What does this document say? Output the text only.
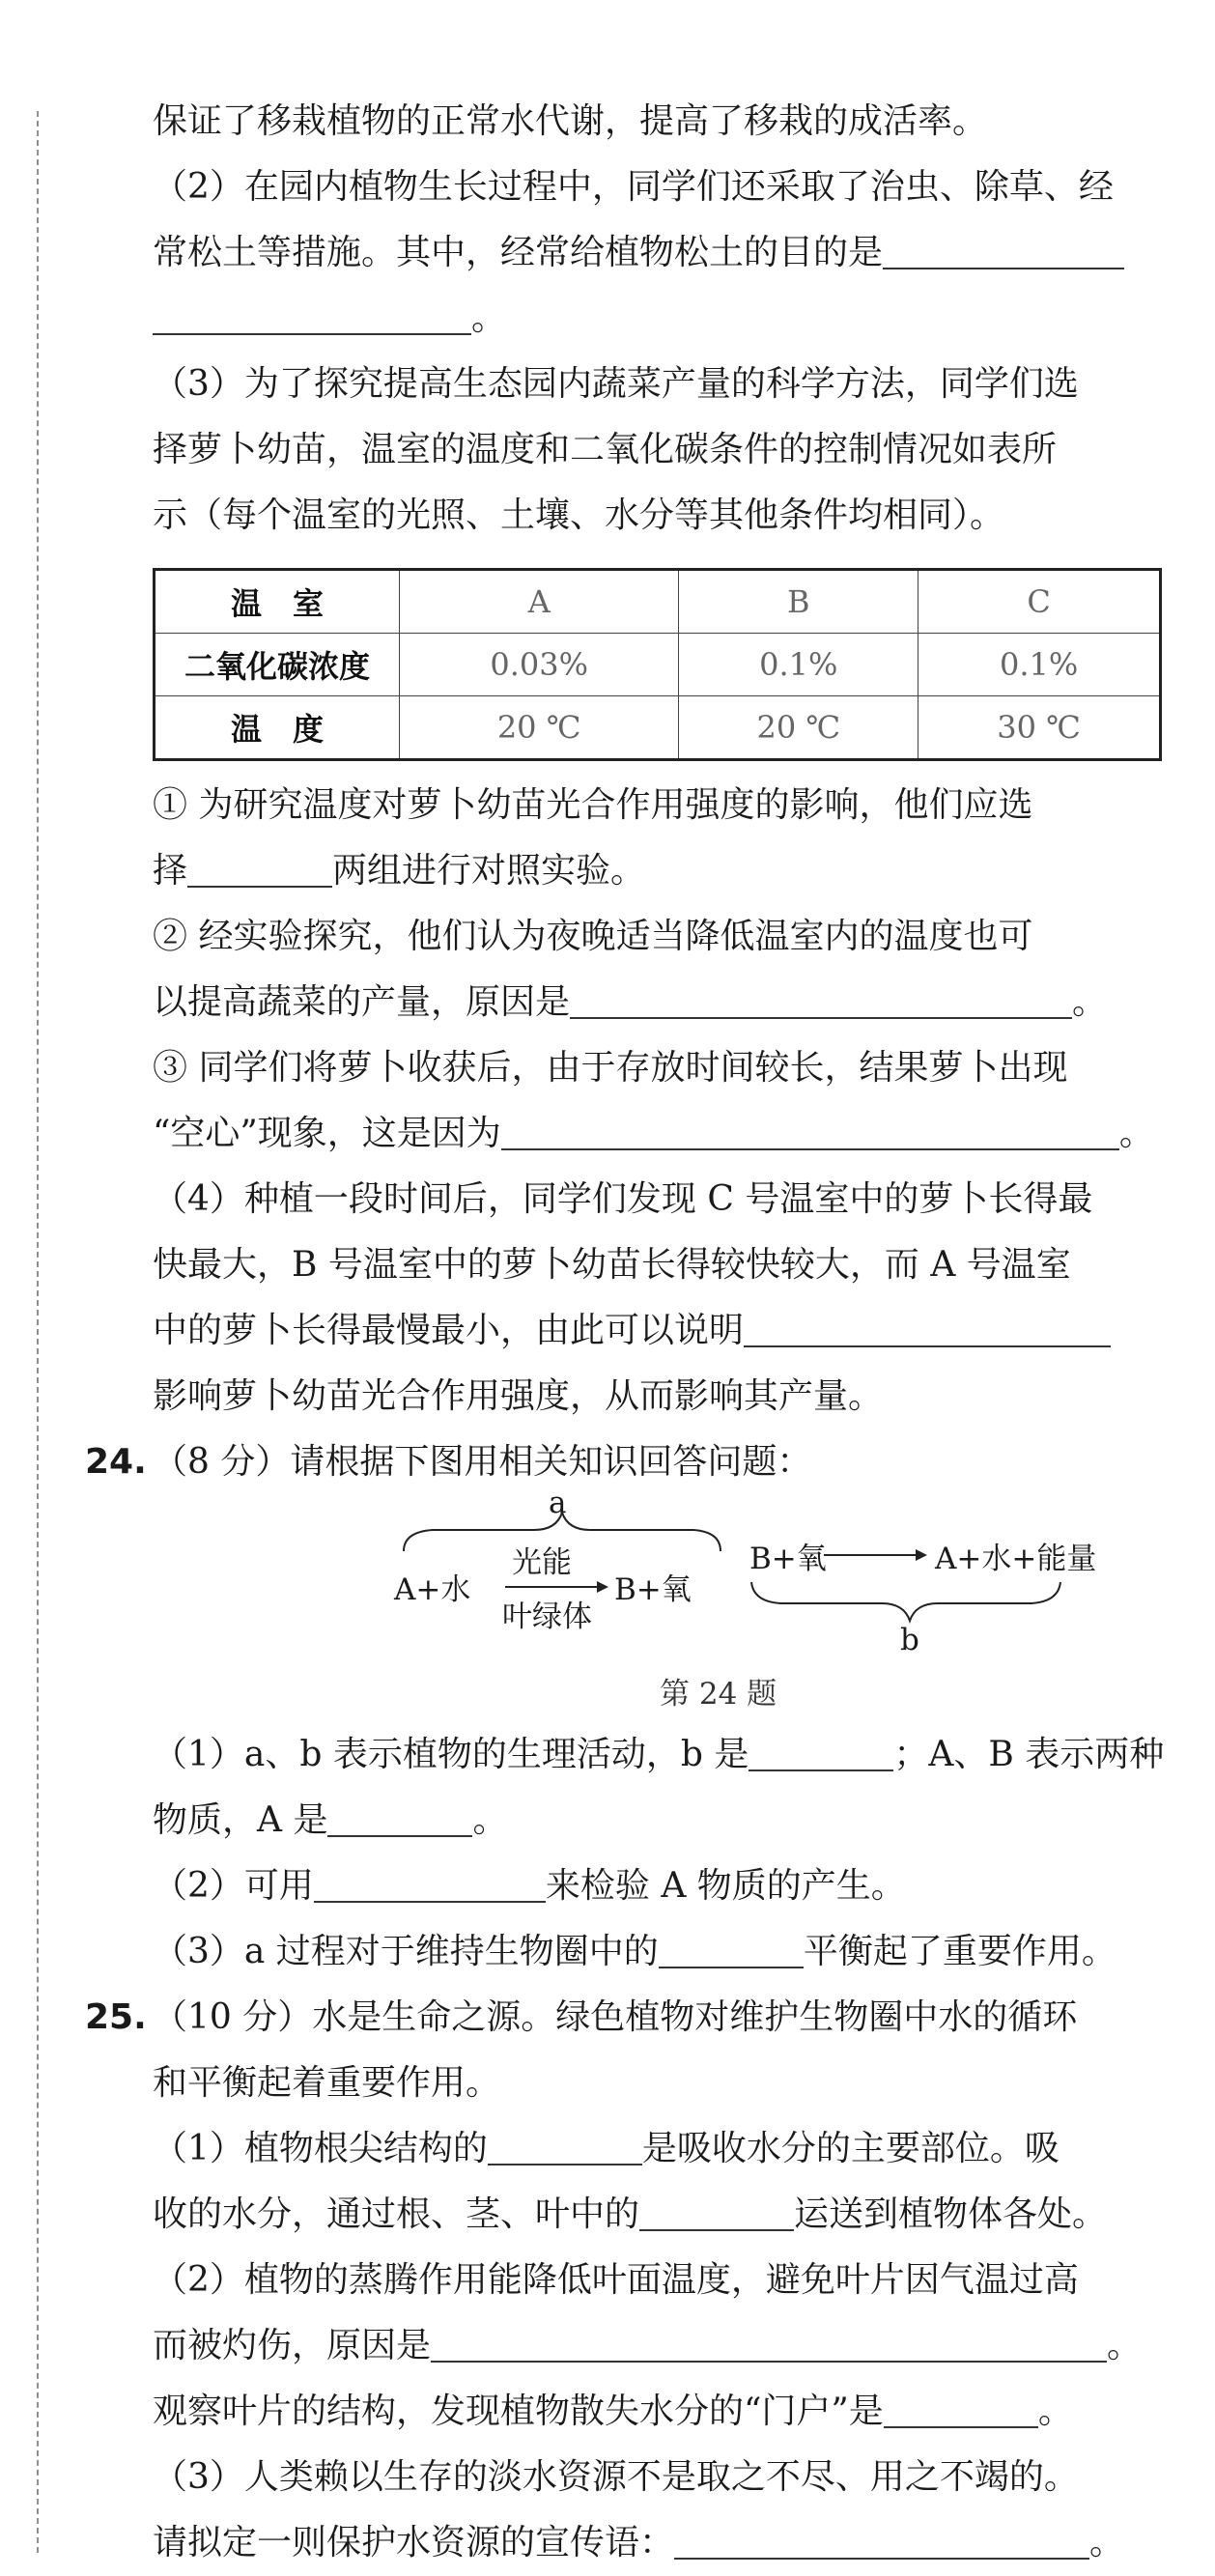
保证了移栽植物的正常水代谢，提高了移栽的成活率。

（2）在园内植物生长过程中，同学们还采取了治虫、除草、经

常松土等措施。其中，经常给植物松土的目的是

。

（3）为了探究提高生态园内蔬菜产量的科学方法，同学们选

择萝卜幼苗，温室的温度和二氧化碳条件的控制情况如表所

示（每个温室的光照、土壤、水分等其他条件均相同）。

温　室	A	B	C
二氧化碳浓度	0.03%	0.1%	0.1%
温　度	20 ℃	20 ℃	30 ℃

① 为研究温度对萝卜幼苗光合作用强度的影响，他们应选

择	两组进行对照实验。

② 经实验探究，他们认为夜晚适当降低温室内的温度也可

以提高蔬菜的产量，原因是	。

③ 同学们将萝卜收获后，由于存放时间较长，结果萝卜出现

“空心”现象，这是因为	。

（4）种植一段时间后，同学们发现 C 号温室中的萝卜长得最

快最大，B 号温室中的萝卜幼苗长得较快较大，而 A 号温室

中的萝卜长得最慢最小，由此可以说明

影响萝卜幼苗光合作用强度，从而影响其产量。

24. （8 分）请根据下图用相关知识回答问题：

a
A+水
光能
叶绿体
B+氧
B+氧	A+水+能量
b
第 24 题

（1）a、b 表示植物的生理活动，b 是	；A、B 表示两种

物质，A 是	。

（2）可用	来检验 A 物质的产生。

（3）a 过程对于维持生物圈中的	平衡起了重要作用。

25. （10 分）水是生命之源。绿色植物对维护生物圈中水的循环

和平衡起着重要作用。

（1）植物根尖结构的	是吸收水分的主要部位。吸

收的水分，通过根、茎、叶中的	运送到植物体各处。

（2）植物的蒸腾作用能降低叶面温度，避免叶片因气温过高

而被灼伤，原因是	。

观察叶片的结构，发现植物散失水分的“门户”是	。

（3）人类赖以生存的淡水资源不是取之不尽、用之不竭的。

请拟定一则保护水资源的宣传语：	。
